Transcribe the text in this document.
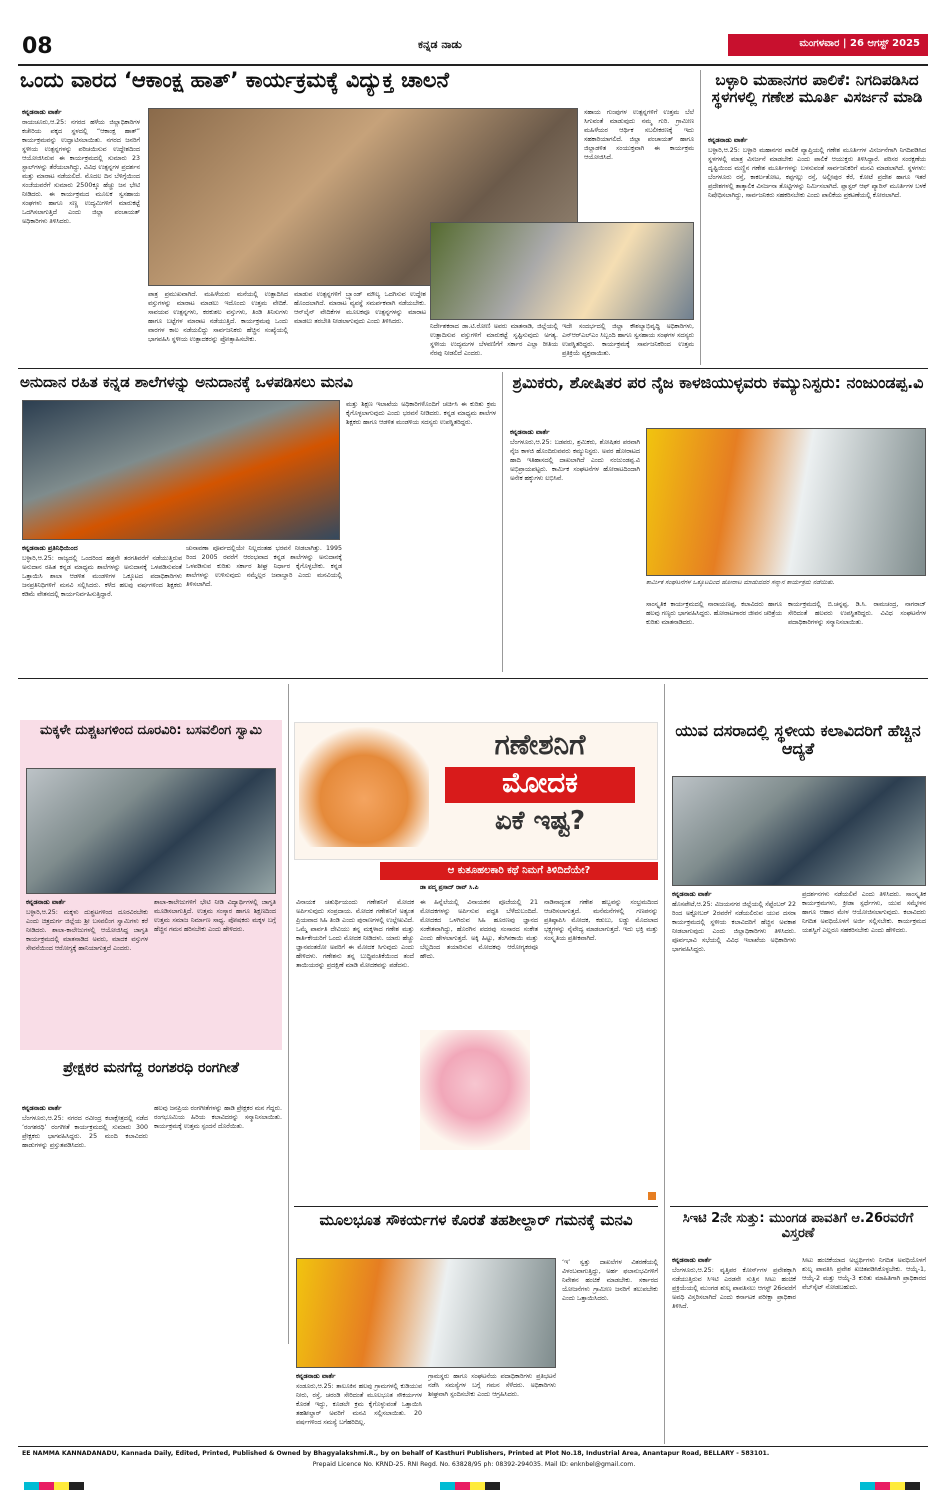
08	ಕನ್ನಡ ನಾಡು	ಮಂಗಳವಾರ | 26 ಆಗಸ್ಟ್ 2025
ಒಂದು ವಾರದ ‘ಆಕಾಂಕ್ಷ ಹಾತ್’ ಕಾರ್ಯಕ್ರಮಕ್ಕೆ ವಿದ್ಯುಕ್ತ ಚಾಲನೆ
ಕನ್ನಡನಾಡು ವಾರ್ತೆ
ರಾಯಚೂರು,ಆ.25: ನಗರದ ಹಳೆಯ ಜಿಲ್ಲಾಧಿಕಾರಿಗಳ ಕಚೇರಿಯ ಪಕ್ಕದ ಸ್ಥಳದಲ್ಲಿ “ಆಕಾಂಕ್ಷ ಹಾತ್” ಕಾರ್ಯಕ್ರಮವನ್ನು ಉದ್ಘಾಟಿಸಲಾಯಿತು. ನಗರದ ಜನರಿಗೆ ಸ್ಥಳೀಯ ಉತ್ಪನ್ನಗಳನ್ನು ಪರಿಚಯಿಸುವ ಉದ್ದೇಶದಿಂದ ಆಯೋಜಿಸಿರುವ ಈ ಕಾರ್ಯಕ್ರಮದಲ್ಲಿ ಸುಮಾರು 23 ಸ್ಟಾಲ್‌ಗಳನ್ನು ತೆರೆಯಲಾಗಿದ್ದು, ವಿವಿಧ ಉತ್ಪನ್ನಗಳ ಪ್ರದರ್ಶನ ಮತ್ತು ಮಾರಾಟ ನಡೆಯಲಿದೆ. ಮೊದಲ ದಿನ ಬೆಳಿಗ್ಗೆಯಿಂದ ಸಂಜೆಯವರೆಗೆ ಸುಮಾರು 2500ಕ್ಕೂ ಹೆಚ್ಚು ಜನ ಭೇಟಿ ನೀಡಿದರು. ಈ ಕಾರ್ಯಕ್ರಮದ ಮೂಲಕ ಸ್ವಸಹಾಯ ಸಂಘಗಳು ಹಾಗೂ ಸಣ್ಣ ಉದ್ಯಮಿಗಳಿಗೆ ಮಾರುಕಟ್ಟೆ ಒದಗಿಸಲಾಗುತ್ತಿದೆ ಎಂದು ಜಿಲ್ಲಾ ಪಂಚಾಯತ್ ಅಧಿಕಾರಿಗಳು ತಿಳಿಸಿದರು.
ಪಾತ್ರ ಪ್ರಮುಖವಾಗಿದೆ. ಮಹಿಳೆಯರು ಮನೆಯಲ್ಲಿ ಉತ್ಪಾದಿಸಿದ ವಸ್ತುಗಳನ್ನು ಮಾರಾಟ ಮಾಡಲು ಇದೊಂದು ಉತ್ತಮ ವೇದಿಕೆ. ಸಾವಯವ ಉತ್ಪನ್ನಗಳು, ಕರಕುಶಲ ವಸ್ತುಗಳು, ತಿಂಡಿ ತಿನಿಸುಗಳು ಹಾಗೂ ಬಟ್ಟೆಗಳ ಮಾರಾಟ ನಡೆಯುತ್ತಿದೆ. ಕಾರ್ಯಕ್ರಮವು ಒಂದು ವಾರಗಳ ಕಾಲ ನಡೆಯಲಿದ್ದು ಸಾರ್ವಜನಿಕರು ಹೆಚ್ಚಿನ ಸಂಖ್ಯೆಯಲ್ಲಿ ಭಾಗವಹಿಸಿ ಸ್ಥಳೀಯ ಉತ್ಪಾದಕರನ್ನು ಪ್ರೋತ್ಸಾಹಿಸಬೇಕು.
ಮಾಡುವ ಉತ್ಪನ್ನಗಳಿಗೆ ಬ್ರ್ಯಾಂಡ್ ಮೌಲ್ಯ ಒದಗಿಸುವ ಉದ್ದೇಶ ಹೊಂದಲಾಗಿದೆ. ಮಾರಾಟ ವ್ಯವಸ್ಥೆ ಸಮರ್ಪಕವಾಗಿ ನಡೆಯಬೇಕು. ಆನ್‌ಲೈನ್ ವೇದಿಕೆಗಳ ಮೂಲಕವೂ ಉತ್ಪನ್ನಗಳನ್ನು ಮಾರಾಟ ಮಾಡಲು ತರಬೇತಿ ನೀಡಲಾಗುವುದು ಎಂದು ತಿಳಿಸಿದರು.
ಸಹಾಯ ಗುಂಪುಗಳ ಉತ್ಪನ್ನಗಳಿಗೆ ಉತ್ತಮ ಬೆಲೆ ಸಿಗುವಂತೆ ಮಾಡುವುದು ನಮ್ಮ ಗುರಿ. ಗ್ರಾಮೀಣ ಮಹಿಳೆಯರ ಆರ್ಥಿಕ ಸಬಲೀಕರಣಕ್ಕೆ ಇದು ಸಹಕಾರಿಯಾಗಲಿದೆ. ಜಿಲ್ಲಾ ಪಂಚಾಯತ್ ಹಾಗೂ ಜಿಲ್ಲಾಡಳಿತ ಸಂಯುಕ್ತವಾಗಿ ಈ ಕಾರ್ಯಕ್ರಮ ಆಯೋಜಿಸಿದೆ.
ನಿರ್ದೇಶಕರಾದ ಡಾ.ಟಿ.ರೋಣಿ ಅವರು ಮಾತನಾಡಿ, ಜಿಲ್ಲೆಯಲ್ಲಿ ಉತ್ಪಾದಿಸುವ ವಸ್ತುಗಳಿಗೆ ಮಾರುಕಟ್ಟೆ ಸೃಷ್ಟಿಸುವುದು ಅಗತ್ಯ. ಸ್ಥಳೀಯ ಉದ್ಯಮಗಳ ಬೆಳವಣಿಗೆಗೆ ಸರ್ಕಾರ ಎಲ್ಲಾ ರೀತಿಯ ನೆರವು ನೀಡಲಿದೆ ಎಂದರು.
ಇದೇ ಸಂದರ್ಭದಲ್ಲಿ ಜಿಲ್ಲಾ ಕೌಶಲ್ಯಾಭಿವೃದ್ಧಿ ಅಧಿಕಾರಿಗಳು, ಎನ್‌ಆರ್‌ಎಲ್‌ಎಂ ಸಿಬ್ಬಂದಿ ಹಾಗೂ ಸ್ವಸಹಾಯ ಸಂಘಗಳ ಸದಸ್ಯರು ಉಪಸ್ಥಿತರಿದ್ದರು. ಕಾರ್ಯಕ್ರಮಕ್ಕೆ ಸಾರ್ವಜನಿಕರಿಂದ ಉತ್ತಮ ಪ್ರತಿಕ್ರಿಯೆ ವ್ಯಕ್ತವಾಯಿತು.
ಬಳ್ಳಾರಿ ಮಹಾನಗರ ಪಾಲಿಕೆ: ನಿಗದಿಪಡಿಸಿದ ಸ್ಥಳಗಳಲ್ಲಿ ಗಣೇಶ ಮೂರ್ತಿ ವಿಸರ್ಜನೆ ಮಾಡಿ
ಕನ್ನಡನಾಡು ವಾರ್ತೆ
ಬಳ್ಳಾರಿ,ಆ.25: ಬಳ್ಳಾರಿ ಮಹಾನಗರ ಪಾಲಿಕೆ ವ್ಯಾಪ್ತಿಯಲ್ಲಿ ಗಣೇಶ ಮೂರ್ತಿಗಳ ವಿಸರ್ಜನೆಗಾಗಿ ನಿಗದಿಪಡಿಸಿದ ಸ್ಥಳಗಳಲ್ಲಿ ಮಾತ್ರ ವಿಸರ್ಜನೆ ಮಾಡಬೇಕು ಎಂದು ಪಾಲಿಕೆ ಆಯುಕ್ತರು ತಿಳಿಸಿದ್ದಾರೆ. ಪರಿಸರ ಸಂರಕ್ಷಣೆಯ ದೃಷ್ಟಿಯಿಂದ ಮಣ್ಣಿನ ಗಣೇಶ ಮೂರ್ತಿಗಳನ್ನು ಬಳಸುವಂತೆ ಸಾರ್ವಜನಿಕರಿಗೆ ಮನವಿ ಮಾಡಲಾಗಿದೆ. ಸ್ಥಳಗಳು: ಬೆಂಗಳೂರು ರಸ್ತೆ, ಕಾಕರ್ಲತೋಟ, ಕಪ್ಪಗಲ್ಲು ರಸ್ತೆ, ಅಲ್ಲೀಪುರ ಕೆರೆ, ಕೋಟೆ ಪ್ರದೇಶ ಹಾಗೂ ಇತರೆ ಪ್ರದೇಶಗಳಲ್ಲಿ ತಾತ್ಕಾಲಿಕ ವಿಸರ್ಜನಾ ತೊಟ್ಟಿಗಳನ್ನು ನಿರ್ಮಿಸಲಾಗಿದೆ. ಪ್ಲಾಸ್ಟರ್ ಆಫ್ ಪ್ಯಾರಿಸ್ ಮೂರ್ತಿಗಳ ಬಳಕೆ ನಿಷೇಧಿಸಲಾಗಿದ್ದು, ಸಾರ್ವಜನಿಕರು ಸಹಕರಿಸಬೇಕು ಎಂದು ಪಾಲಿಕೆಯ ಪ್ರಕಟಣೆಯಲ್ಲಿ ಕೋರಲಾಗಿದೆ.
ಅನುದಾನ ರಹಿತ ಕನ್ನಡ ಶಾಲೆಗಳನ್ನು ಅನುದಾನಕ್ಕೆ ಒಳಪಡಿಸಲು ಮನವಿ
ಕನ್ನಡನಾಡು ಪ್ರತಿನಿಧಿಯಿಂದ
ಬಳ್ಳಾರಿ,ಆ.25: ರಾಜ್ಯದಲ್ಲಿ ಒಂದರಿಂದ ಹತ್ತನೇ ತರಗತಿವರೆಗೆ ನಡೆಯುತ್ತಿರುವ ಅನುದಾನ ರಹಿತ ಕನ್ನಡ ಮಾಧ್ಯಮ ಶಾಲೆಗಳನ್ನು ಅನುದಾನಕ್ಕೆ ಒಳಪಡಿಸುವಂತೆ ಒತ್ತಾಯಿಸಿ ಶಾಲಾ ಆಡಳಿತ ಮಂಡಳಿಗಳ ಒಕ್ಕೂಟದ ಪದಾಧಿಕಾರಿಗಳು ಜನಪ್ರತಿನಿಧಿಗಳಿಗೆ ಮನವಿ ಸಲ್ಲಿಸಿದರು. ಕಳೆದ ಹಲವು ವರ್ಷಗಳಿಂದ ಶಿಕ್ಷಕರು ಕಡಿಮೆ ವೇತನದಲ್ಲಿ ಕಾರ್ಯನಿರ್ವಹಿಸುತ್ತಿದ್ದಾರೆ.
ಚುನಾವಣಾ ಪೂರ್ವದಲ್ಲಿಯೇ ನಿಲ್ಲದಂತಹ ಭರವಸೆ ನೀಡಲಾಗಿತ್ತು. 1995 ರಿಂದ 2005 ರವರೆಗೆ ಆರಂಭವಾದ ಕನ್ನಡ ಶಾಲೆಗಳನ್ನು ಅನುದಾನಕ್ಕೆ ಒಳಪಡಿಸುವ ಕುರಿತು ಸರ್ಕಾರ ಶೀಘ್ರ ನಿರ್ಧಾರ ಕೈಗೊಳ್ಳಬೇಕು. ಕನ್ನಡ ಶಾಲೆಗಳನ್ನು ಉಳಿಸುವುದು ನಮ್ಮೆಲ್ಲರ ಜವಾಬ್ದಾರಿ ಎಂದು ಮನವಿಯಲ್ಲಿ ತಿಳಿಸಲಾಗಿದೆ.
ಮತ್ತು ಶಿಕ್ಷಣ ಇಲಾಖೆಯ ಅಧಿಕಾರಿಗಳೊಂದಿಗೆ ಚರ್ಚಿಸಿ ಈ ಕುರಿತು ಕ್ರಮ ಕೈಗೊಳ್ಳಲಾಗುವುದು ಎಂದು ಭರವಸೆ ನೀಡಿದರು. ಕನ್ನಡ ಮಾಧ್ಯಮ ಶಾಲೆಗಳ ಶಿಕ್ಷಕರು ಹಾಗೂ ಆಡಳಿತ ಮಂಡಳಿಯ ಸದಸ್ಯರು ಉಪಸ್ಥಿತರಿದ್ದರು.
ಶ್ರಮಿಕರು, ಶೋಷಿತರ ಪರ ನೈಜ ಕಾಳಜಿಯುಳ್ಳವರು ಕಮ್ಯುನಿಸ್ಟರು: ನಂಜುಂಡಪ್ಪ.ವಿ
ಕನ್ನಡನಾಡು ವಾರ್ತೆ
ಬೆಂಗಳೂರು,ಆ.25: ಬಡವರು, ಶ್ರಮಿಕರು, ಶೋಷಿತರ ಪರವಾಗಿ ನೈಜ ಕಾಳಜಿ ಹೊಂದಿರುವವರು ಕಮ್ಯುನಿಸ್ಟರು. ಅವರ ಹೋರಾಟದ ಹಾದಿ ಇತಿಹಾಸದಲ್ಲಿ ದಾಖಲಾಗಿದೆ ಎಂದು ನಂಜುಂಡಪ್ಪ.ವಿ ಅಭಿಪ್ರಾಯಪಟ್ಟರು. ಕಾರ್ಮಿಕ ಸಂಘಟನೆಗಳ ಹೋರಾಟದಿಂದಾಗಿ ಅನೇಕ ಹಕ್ಕುಗಳು ಲಭಿಸಿವೆ.
ಕಾರ್ಮಿಕ ಸಂಘಟನೆಗಳ ಒಕ್ಕೂಟದಿಂದ ಹೋರಾಟ ಮಾಡುವವರ ಸನ್ಮಾನ ಕಾರ್ಯಕ್ರಮ ನಡೆಯಿತು.
ಸಾಂಸ್ಕೃತಿಕ ಕಾರ್ಯಕ್ರಮದಲ್ಲಿ ನಾರಾಯಣಪ್ಪ, ಕಲಾವಿದರು ಹಾಗೂ ಹಲವು ಗಣ್ಯರು ಭಾಗವಹಿಸಿದ್ದರು. ಹೋರಾಟಗಾರರ ಜೀವನ ಚರಿತ್ರೆಯ ಕುರಿತು ಮಾತನಾಡಿದರು.
ಕಾರ್ಯಕ್ರಮದಲ್ಲಿ ಬಿ.ಚನ್ನಪ್ಪ, ಡಿ.ಸಿ. ರಾಮಚಂದ್ರ, ನಾಗರಾಜ್ ಸೇರಿದಂತೆ ಹಲವರು ಉಪಸ್ಥಿತರಿದ್ದರು. ವಿವಿಧ ಸಂಘಟನೆಗಳ ಪದಾಧಿಕಾರಿಗಳನ್ನು ಸನ್ಮಾನಿಸಲಾಯಿತು.
ಮಕ್ಕಳೇ ದುಶ್ಚಟಗಳಿಂದ ದೂರವಿರಿ: ಬಸವಲಿಂಗ ಸ್ವಾಮಿ
ಕನ್ನಡನಾಡು ವಾರ್ತೆ
ಬಳ್ಳಾರಿ,ಆ.25: ಮಕ್ಕಳು ದುಶ್ಚಟಗಳಿಂದ ದೂರವಿರಬೇಕು ಎಂದು ಚಿತ್ರದುರ್ಗ ಜಿಲ್ಲೆಯ ಶ್ರೀ ಬಸವಲಿಂಗ ಸ್ವಾಮಿಗಳು ಕರೆ ನೀಡಿದರು. ಶಾಲಾ-ಕಾಲೇಜುಗಳಲ್ಲಿ ಆಯೋಜಿಸಿದ್ದ ಜಾಗೃತಿ ಕಾರ್ಯಕ್ರಮದಲ್ಲಿ ಮಾತನಾಡಿದ ಅವರು, ಮಾದಕ ವಸ್ತುಗಳ ಸೇವನೆಯಿಂದ ಆರೋಗ್ಯಕ್ಕೆ ಹಾನಿಯಾಗುತ್ತದೆ ಎಂದರು.
ಶಾಲಾ-ಕಾಲೇಜುಗಳಿಗೆ ಭೇಟಿ ನೀಡಿ ವಿದ್ಯಾರ್ಥಿಗಳಲ್ಲಿ ಜಾಗೃತಿ ಮೂಡಿಸಲಾಗುತ್ತಿದೆ. ಉತ್ತಮ ಸಂಸ್ಕಾರ ಹಾಗೂ ಶಿಕ್ಷಣದಿಂದ ಉತ್ತಮ ಸಮಾಜ ನಿರ್ಮಾಣ ಸಾಧ್ಯ. ಪೋಷಕರು ಮಕ್ಕಳ ಬಗ್ಗೆ ಹೆಚ್ಚಿನ ಗಮನ ಹರಿಸಬೇಕು ಎಂದು ಹೇಳಿದರು.
ಪ್ರೇಕ್ಷಕರ ಮನಗೆದ್ದ ರಂಗಶರಧಿ ರಂಗಗೀತೆ
ಕನ್ನಡನಾಡು ವಾರ್ತೆ
ಬೆಂಗಳೂರು,ಆ.25: ನಗರದ ರವೀಂದ್ರ ಕಲಾಕ್ಷೇತ್ರದಲ್ಲಿ ನಡೆದ ‘ರಂಗಶರಧಿ’ ರಂಗಗೀತೆ ಕಾರ್ಯಕ್ರಮದಲ್ಲಿ ಸುಮಾರು 300 ಪ್ರೇಕ್ಷಕರು ಭಾಗವಹಿಸಿದ್ದರು. 25 ಮಂದಿ ಕಲಾವಿದರು ಹಾಡುಗಳನ್ನು ಪ್ರಸ್ತುತಪಡಿಸಿದರು.
ಹಲವು ಜನಪ್ರಿಯ ರಂಗಗೀತೆಗಳನ್ನು ಹಾಡಿ ಪ್ರೇಕ್ಷಕರ ಮನ ಗೆದ್ದರು. ರಂಗಭೂಮಿಯ ಹಿರಿಯ ಕಲಾವಿದರನ್ನು ಸನ್ಮಾನಿಸಲಾಯಿತು. ಕಾರ್ಯಕ್ರಮಕ್ಕೆ ಉತ್ತಮ ಸ್ಪಂದನೆ ದೊರೆಯಿತು.
ಗಣೇಶನಿಗೆ
ಮೋದಕ
ಏಕೆ ಇಷ್ಟ?
ಆ ಕುತೂಹಲಕಾರಿ ಕಥೆ ನಿಮಗೆ ತಿಳಿದಿದೆಯೇ?
ಡಾ ಪದ್ಮ ಪ್ರಸಾದ್ ರಾವ್ ಸಿ.ಪಿ
ವಿನಾಯಕ ಚತುರ್ಥಿಯಂದು ಗಣೇಶನಿಗೆ ಮೋದಕ ಅರ್ಪಿಸುವುದು ಸಂಪ್ರದಾಯ. ಮೋದಕ ಗಣೇಶನಿಗೆ ಅತ್ಯಂತ ಪ್ರಿಯವಾದ ಸಿಹಿ ತಿಂಡಿ ಎಂದು ಪುರಾಣಗಳಲ್ಲಿ ಉಲ್ಲೇಖವಿದೆ. ಒಮ್ಮೆ ಪಾರ್ವತಿ ದೇವಿಯು ತನ್ನ ಮಕ್ಕಳಾದ ಗಣೇಶ ಮತ್ತು ಕಾರ್ತಿಕೇಯರಿಗೆ ಒಂದು ಮೋದಕ ನೀಡಿದಳು. ಯಾರು ಹೆಚ್ಚು ಜ್ಞಾನವಂತರೋ ಅವರಿಗೆ ಈ ಮೋದಕ ಸಿಗುವುದು ಎಂದು ಹೇಳಿದಳು. ಗಣೇಶನು ತನ್ನ ಬುದ್ಧಿವಂತಿಕೆಯಿಂದ ತಂದೆ ತಾಯಿಯರನ್ನು ಪ್ರದಕ್ಷಿಣೆ ಮಾಡಿ ಮೋದಕವನ್ನು ಪಡೆದನು.
ಈ ಹಿನ್ನೆಲೆಯಲ್ಲಿ ವಿನಾಯಕನ ಪೂಜೆಯಲ್ಲಿ 21 ಮೋದಕಗಳನ್ನು ಅರ್ಪಿಸುವ ಪದ್ಧತಿ ಬೆಳೆದುಬಂದಿದೆ. ಮೋದಕದ ಒಳಗಿರುವ ಸಿಹಿ ಹೂರಣವು ಜ್ಞಾನದ ಸಂಕೇತವಾಗಿದ್ದು, ಹೊರಗಿನ ಪದರವು ಸಂಸಾರದ ಸಂಕೇತ ಎಂದು ಹೇಳಲಾಗುತ್ತದೆ. ಅಕ್ಕಿ ಹಿಟ್ಟು, ತೆಂಗಿನಕಾಯಿ ಮತ್ತು ಬೆಲ್ಲದಿಂದ ತಯಾರಿಸುವ ಮೋದಕವು ಆರೋಗ್ಯಕರವೂ ಹೌದು.
ನಾಡಿನಾದ್ಯಂತ ಗಣೇಶ ಹಬ್ಬವನ್ನು ಸಂಭ್ರಮದಿಂದ ಆಚರಿಸಲಾಗುತ್ತದೆ. ಮನೆಮನೆಗಳಲ್ಲಿ ಗಣಪನನ್ನು ಪ್ರತಿಷ್ಠಾಪಿಸಿ ಮೋದಕ, ಕಡುಬು, ಲಡ್ಡು ಮೊದಲಾದ ಭಕ್ಷ್ಯಗಳನ್ನು ನೈವೇದ್ಯ ಮಾಡಲಾಗುತ್ತದೆ. ಇದು ಭಕ್ತಿ ಮತ್ತು ಸಂಸ್ಕೃತಿಯ ಪ್ರತೀಕವಾಗಿದೆ.
ಮೂಲಭೂತ ಸೌಕರ್ಯಗಳ ಕೊರತೆ ತಹಶೀಲ್ದಾರ್ ಗಮನಕ್ಕೆ ಮನವಿ
ಕನ್ನಡನಾಡು ವಾರ್ತೆ
ಸಂಡೂರು,ಆ.25: ತಾಲೂಕಿನ ಹಲವು ಗ್ರಾಮಗಳಲ್ಲಿ ಕುಡಿಯುವ ನೀರು, ರಸ್ತೆ, ಚರಂಡಿ ಸೇರಿದಂತೆ ಮೂಲಭೂತ ಸೌಕರ್ಯಗಳ ಕೊರತೆ ಇದ್ದು, ಕೂಡಲೇ ಕ್ರಮ ಕೈಗೊಳ್ಳುವಂತೆ ಒತ್ತಾಯಿಸಿ ತಹಶೀಲ್ದಾರ್ ಅವರಿಗೆ ಮನವಿ ಸಲ್ಲಿಸಲಾಯಿತು. 20 ವರ್ಷಗಳಿಂದ ಸಮಸ್ಯೆ ಬಗೆಹರಿದಿಲ್ಲ.
ಗ್ರಾಮಸ್ಥರು ಹಾಗೂ ಸಂಘಟನೆಯ ಪದಾಧಿಕಾರಿಗಳು ಪ್ರತಿಭಟನೆ ನಡೆಸಿ ಸಮಸ್ಯೆಗಳ ಬಗ್ಗೆ ಗಮನ ಸೆಳೆದರು. ಅಧಿಕಾರಿಗಳು ಶೀಘ್ರವಾಗಿ ಸ್ಪಂದಿಸಬೇಕು ಎಂದು ಆಗ್ರಹಿಸಿದರು.
‘ಇ’ ಸ್ವತ್ತು ದಾಖಲೆಗಳ ವಿತರಣೆಯಲ್ಲಿ ವಿಳಂಬವಾಗುತ್ತಿದ್ದು, ಅರ್ಹ ಫಲಾನುಭವಿಗಳಿಗೆ ನಿವೇಶನ ಹಂಚಿಕೆ ಮಾಡಬೇಕು. ಸರ್ಕಾರದ ಯೋಜನೆಗಳು ಗ್ರಾಮೀಣ ಜನರಿಗೆ ತಲುಪಬೇಕು ಎಂದು ಒತ್ತಾಯಿಸಿದರು.
ಯುವ ದಸರಾದಲ್ಲಿ ಸ್ಥಳೀಯ ಕಲಾವಿದರಿಗೆ ಹೆಚ್ಚಿನ ಆದ್ಯತೆ
ಕನ್ನಡನಾಡು ವಾರ್ತೆ
ಹೊಸಪೇಟೆ,ಆ.25: ವಿಜಯನಗರ ಜಿಲ್ಲೆಯಲ್ಲಿ ಸೆಪ್ಟೆಂಬರ್ 22 ರಿಂದ ಅಕ್ಟೋಬರ್ 2ರವರೆಗೆ ನಡೆಯಲಿರುವ ಯುವ ದಸರಾ ಕಾರ್ಯಕ್ರಮದಲ್ಲಿ ಸ್ಥಳೀಯ ಕಲಾವಿದರಿಗೆ ಹೆಚ್ಚಿನ ಅವಕಾಶ ನೀಡಲಾಗುವುದು ಎಂದು ಜಿಲ್ಲಾಧಿಕಾರಿಗಳು ತಿಳಿಸಿದರು. ಪೂರ್ವಭಾವಿ ಸಭೆಯಲ್ಲಿ ವಿವಿಧ ಇಲಾಖೆಯ ಅಧಿಕಾರಿಗಳು ಭಾಗವಹಿಸಿದ್ದರು.
ಪ್ರದರ್ಶನಗಳು ನಡೆಯಲಿವೆ ಎಂದು ತಿಳಿಸಿದರು. ಸಾಂಸ್ಕೃತಿಕ ಕಾರ್ಯಕ್ರಮಗಳು, ಕ್ರೀಡಾ ಸ್ಪರ್ಧೆಗಳು, ಯುವ ಸಮ್ಮೇಳನ ಹಾಗೂ ಆಹಾರ ಮೇಳ ಆಯೋಜಿಸಲಾಗುವುದು. ಕಲಾವಿದರು ನಿಗದಿತ ಅವಧಿಯೊಳಗೆ ಅರ್ಜಿ ಸಲ್ಲಿಸಬೇಕು. ಕಾರ್ಯಕ್ರಮದ ಯಶಸ್ವಿಗೆ ಎಲ್ಲರೂ ಸಹಕರಿಸಬೇಕು ಎಂದು ಹೇಳಿದರು.
ಸಿಇಟಿ 2ನೇ ಸುತ್ತು: ಮುಂಗಡ ಪಾವತಿಗೆ ಆ.26ರವರೆಗೆ ವಿಸ್ತರಣೆ
ಕನ್ನಡನಾಡು ವಾರ್ತೆ
ಬೆಂಗಳೂರು,ಆ.25: ವೃತ್ತಿಪರ ಕೋರ್ಸ್‌ಗಳ ಪ್ರವೇಶಕ್ಕಾಗಿ ನಡೆಯುತ್ತಿರುವ ಸಿಇಟಿ ಎರಡನೇ ಸುತ್ತಿನ ಸೀಟು ಹಂಚಿಕೆ ಪ್ರಕ್ರಿಯೆಯಲ್ಲಿ ಮುಂಗಡ ಶುಲ್ಕ ಪಾವತಿಸಲು ಆಗಸ್ಟ್ 26ರವರೆಗೆ ಅವಧಿ ವಿಸ್ತರಿಸಲಾಗಿದೆ ಎಂದು ಕರ್ನಾಟಕ ಪರೀಕ್ಷಾ ಪ್ರಾಧಿಕಾರ ತಿಳಿಸಿದೆ.
ಸೀಟು ಹಂಚಿಕೆಯಾದ ಅಭ್ಯರ್ಥಿಗಳು ನಿಗದಿತ ಅವಧಿಯೊಳಗೆ ಶುಲ್ಕ ಪಾವತಿಸಿ ಪ್ರವೇಶ ಖಚಿತಪಡಿಸಿಕೊಳ್ಳಬೇಕು. ಆಯ್ಕೆ-1, ಆಯ್ಕೆ-2 ಮತ್ತು ಆಯ್ಕೆ-3 ಕುರಿತು ಮಾಹಿತಿಗಾಗಿ ಪ್ರಾಧಿಕಾರದ ವೆಬ್‌ಸೈಟ್ ನೋಡಬಹುದು.
EE NAMMA KANNADANADU, Kannada Daily, Edited, Printed, Published & Owned by Bhagyalakshmi.R., by on behalf of Kasthuri Publishers, Printed at Plot No.18, Industrial Area, Anantapur Road, BELLARY - 583101.
Prepaid Licence No. KRND-25. RNI Regd. No. 63828/95 ph: 08392-294035. Mail ID: enknbel@gmail.com.
